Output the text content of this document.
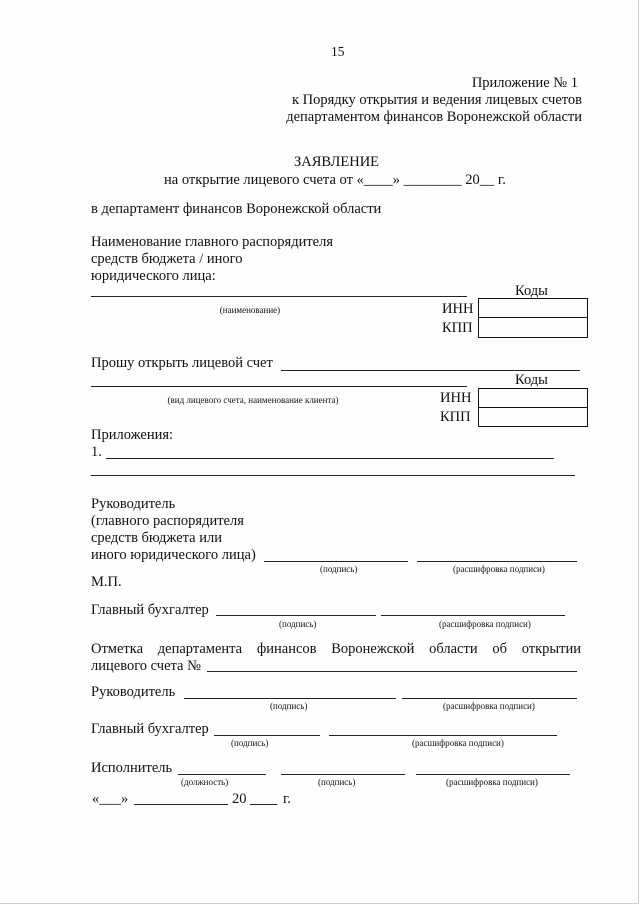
15
Приложение № 1
к Порядку открытия и ведения лицевых счетов
департаментом финансов Воронежской области
ЗАЯВЛЕНИЕ
на открытие лицевого счета от «____» ________ 20__ г.
в департамент финансов Воронежской области
Наименование главного распорядителя
средств бюджета / иного
юридического лица:
Коды
(наименование)	ИНН
КПП
Прошу открыть лицевой счет
Коды
(вид лицевого счета, наименование клиента)	ИНН
КПП
Приложения:
1.
Руководитель
(главного распорядителя
средств бюджета или
иного юридического лица)
(подпись)	(расшифровка подписи)
М.П.
Главный бухгалтер
(подпись)	(расшифровка подписи)
Отметка департамента финансов Воронежской области об открытии
лицевого счета №
Руководитель
(подпись)	(расшифровка подписи)
Главный бухгалтер
(подпись)	(расшифровка подписи)
Исполнитель
(должность)	(подпись)	(расшифровка подписи)
«___»	20	г.
